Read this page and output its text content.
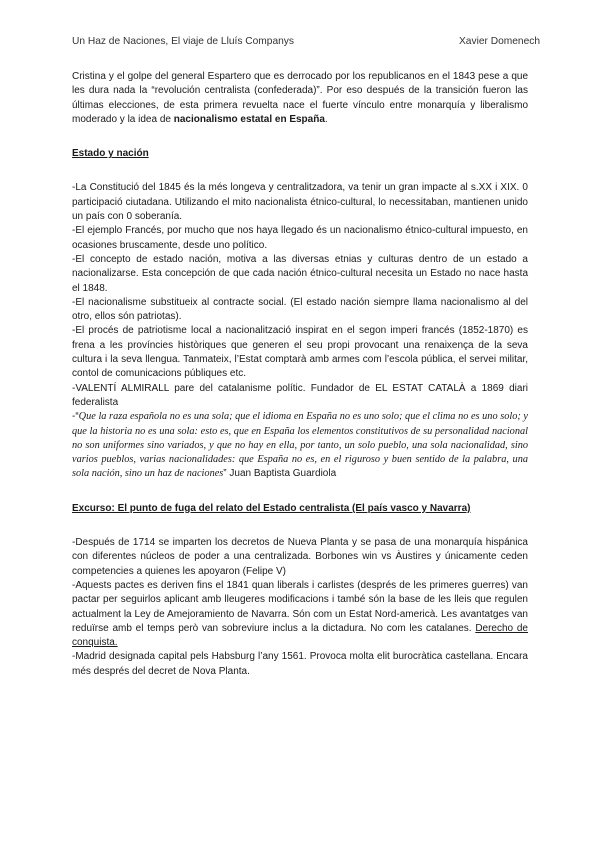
Un Haz de Naciones, El viaje de Lluís Companys	Xavier Domenech

Cristina y el golpe del general Espartero que es derrocado por los republicanos en el 1843 pese a que les dura nada la “revolución centralista (confederada)”. Por eso después de la transición fueron las últimas elecciones, de esta primera revuelta nace el fuerte vínculo entre monarquía y liberalismo moderado y la idea de nacionalismo estatal en España.

Estado y nación

-La Constitució del 1845 és la més longeva y centralitzadora, va tenir un gran impacte al s.XX i XIX. 0 participació ciutadana. Utilizando el mito nacionalista étnico-cultural, lo necessitaban, mantienen unido un país con 0 soberanía.

-El ejemplo Francés, por mucho que nos haya llegado és un nacionalismo étnico-cultural impuesto, en ocasiones bruscamente, desde uno político.

-El concepto de estado nación, motiva a las diversas etnias y culturas dentro de un estado a nacionalizarse. Esta concepción de que cada nación étnico-cultural necesita un Estado no nace hasta el 1848.

-El nacionalisme substitueix al contracte social. (El estado nación siempre llama nacionalismo al del otro, ellos són patriotas).

-El procés de patriotisme local a nacionalització inspirat en el segon imperi francés (1852-1870) es frena a les províncies històriques que generen el seu propi provocant una renaixença de la seva cultura i la seva llengua. Tanmateix, l’Estat comptarà amb armes com l’escola pública, el servei militar, contol de comunicacions públiques etc.

-VALENTÍ ALMIRALL pare del catalanisme polític. Fundador de EL ESTAT CATALÀ a 1869 diari federalista

-“Que la raza española no es una sola; que el idioma en España no es uno solo; que el clima no es uno solo; y que la historia no es una sola: esto es, que en España los elementos constitutivos de su personalidad nacional no son uniformes sino variados, y que no hay en ella, por tanto, un solo pueblo, una sola nacionalidad, sino varios pueblos, varias nacionalidades: que España no es, en el riguroso y buen sentido de la palabra, una sola nación, sino un haz de naciones” Juan Baptista Guardiola

Excurso: El punto de fuga del relato del Estado centralista (El país vasco y Navarra)

-Después de 1714 se imparten los decretos de Nueva Planta y se pasa de una monarquía hispánica con diferentes núcleos de poder a una centralizada. Borbones win vs Àustires y únicamente ceden competencies a quienes les apoyaron (Felipe V)

-Aquests pactes es deriven fins el 1841 quan liberals i carlistes (després de les primeres guerres) van pactar per seguirlos aplicant amb lleugeres modificacions i també són la base de les lleis que regulen actualment la Ley de Amejoramiento de Navarra. Són com un Estat Nord-americà. Les avantatges van reduïrse amb el temps però van sobreviure inclus a la dictadura. No com les catalanes. Derecho de conquista.

-Madrid designada capital pels Habsburg l’any 1561. Provoca molta elit burocràtica castellana. Encara més després del decret de Nova Planta.
